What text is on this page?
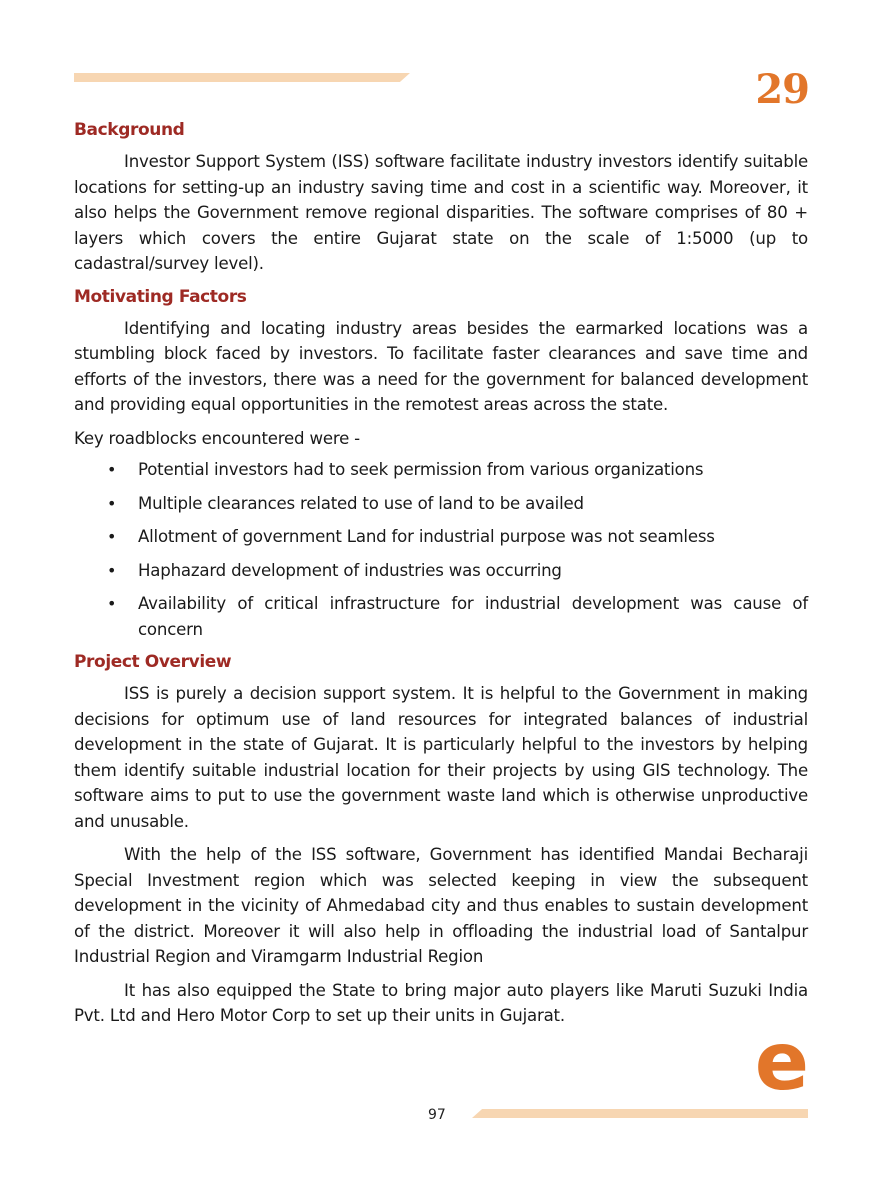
29
Background

Investor Support System (ISS) software facilitate industry investors identify suitable locations for setting-up an industry saving time and cost in a scientific way. Moreover, it also helps the Government remove regional disparities. The software comprises of 80 + layers which covers the entire Gujarat state on the scale of 1:5000 (up to cadastral/survey level).

Motivating Factors

Identifying and locating industry areas besides the earmarked locations was a stumbling block faced by investors. To facilitate faster clearances and save time and efforts of the investors, there was a need for the government for balanced development and providing equal opportunities in the remotest areas across the state.

Key roadblocks encountered were -

• Potential investors had to seek permission from various organizations
• Multiple clearances related to use of land to be availed
• Allotment of government Land for industrial purpose was not seamless
• Haphazard development of industries was occurring
• Availability of critical infrastructure for industrial development was cause of concern
Project Overview

ISS is purely a decision support system. It is helpful to the Government in making decisions for optimum use of land resources for integrated balances of industrial development in the state of Gujarat. It is particularly helpful to the investors by helping them identify suitable industrial location for their projects by using GIS technology. The software aims to put to use the government waste land which is otherwise unproductive and unusable.

With the help of the ISS software, Government has identified Mandai Becharaji Special Investment region which was selected keeping in view the subsequent development in the vicinity of Ahmedabad city and thus enables to sustain development of the district. Moreover it will also help in offloading the industrial load of Santalpur Industrial Region and Viramgarm Industrial Region

It has also equipped the State to bring major auto players like Maruti Suzuki India Pvt. Ltd and Hero Motor Corp to set up their units in Gujarat.	e
97
